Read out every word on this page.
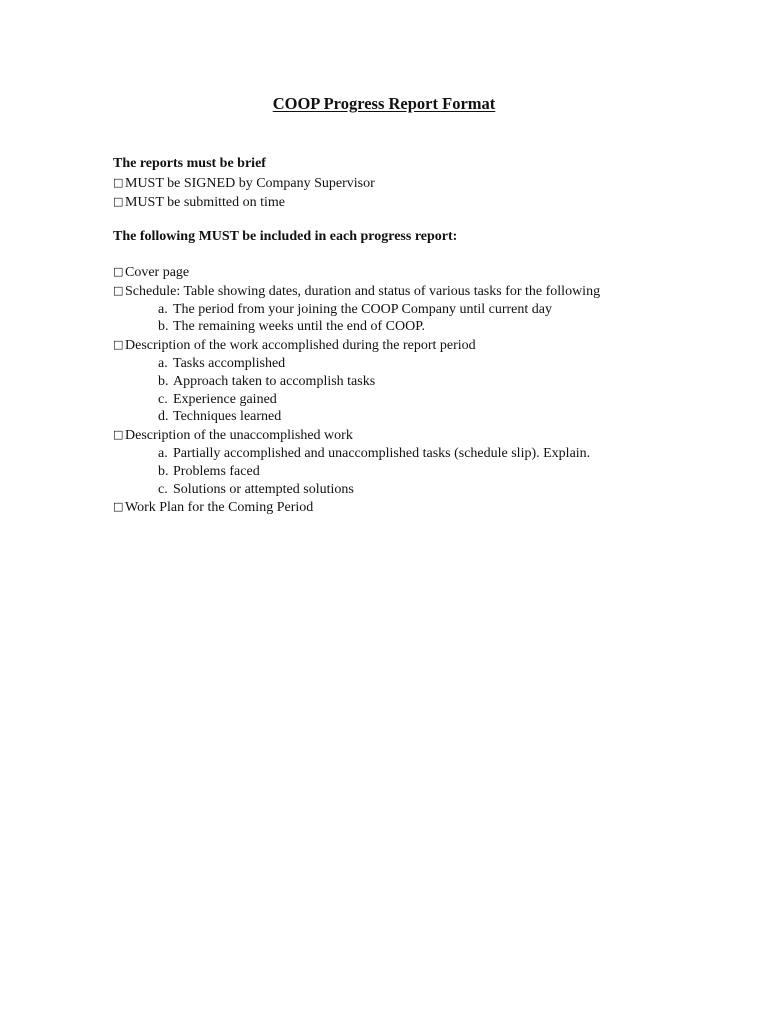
COOP Progress Report Format
The reports must be brief
□ MUST be SIGNED by Company Supervisor
□ MUST be submitted on time
The following MUST be included in each progress report:
□ Cover page
□ Schedule: Table showing dates, duration and status of various tasks for the following
a. The period from your joining the COOP Company until current day
b. The remaining weeks until the end of COOP.
□ Description of the work accomplished during the report period
a. Tasks accomplished
b. Approach taken to accomplish tasks
c. Experience gained
d. Techniques learned
□ Description of the unaccomplished work
a. Partially accomplished and unaccomplished tasks (schedule slip). Explain.
b. Problems faced
c. Solutions or attempted solutions
□ Work Plan for the Coming Period
